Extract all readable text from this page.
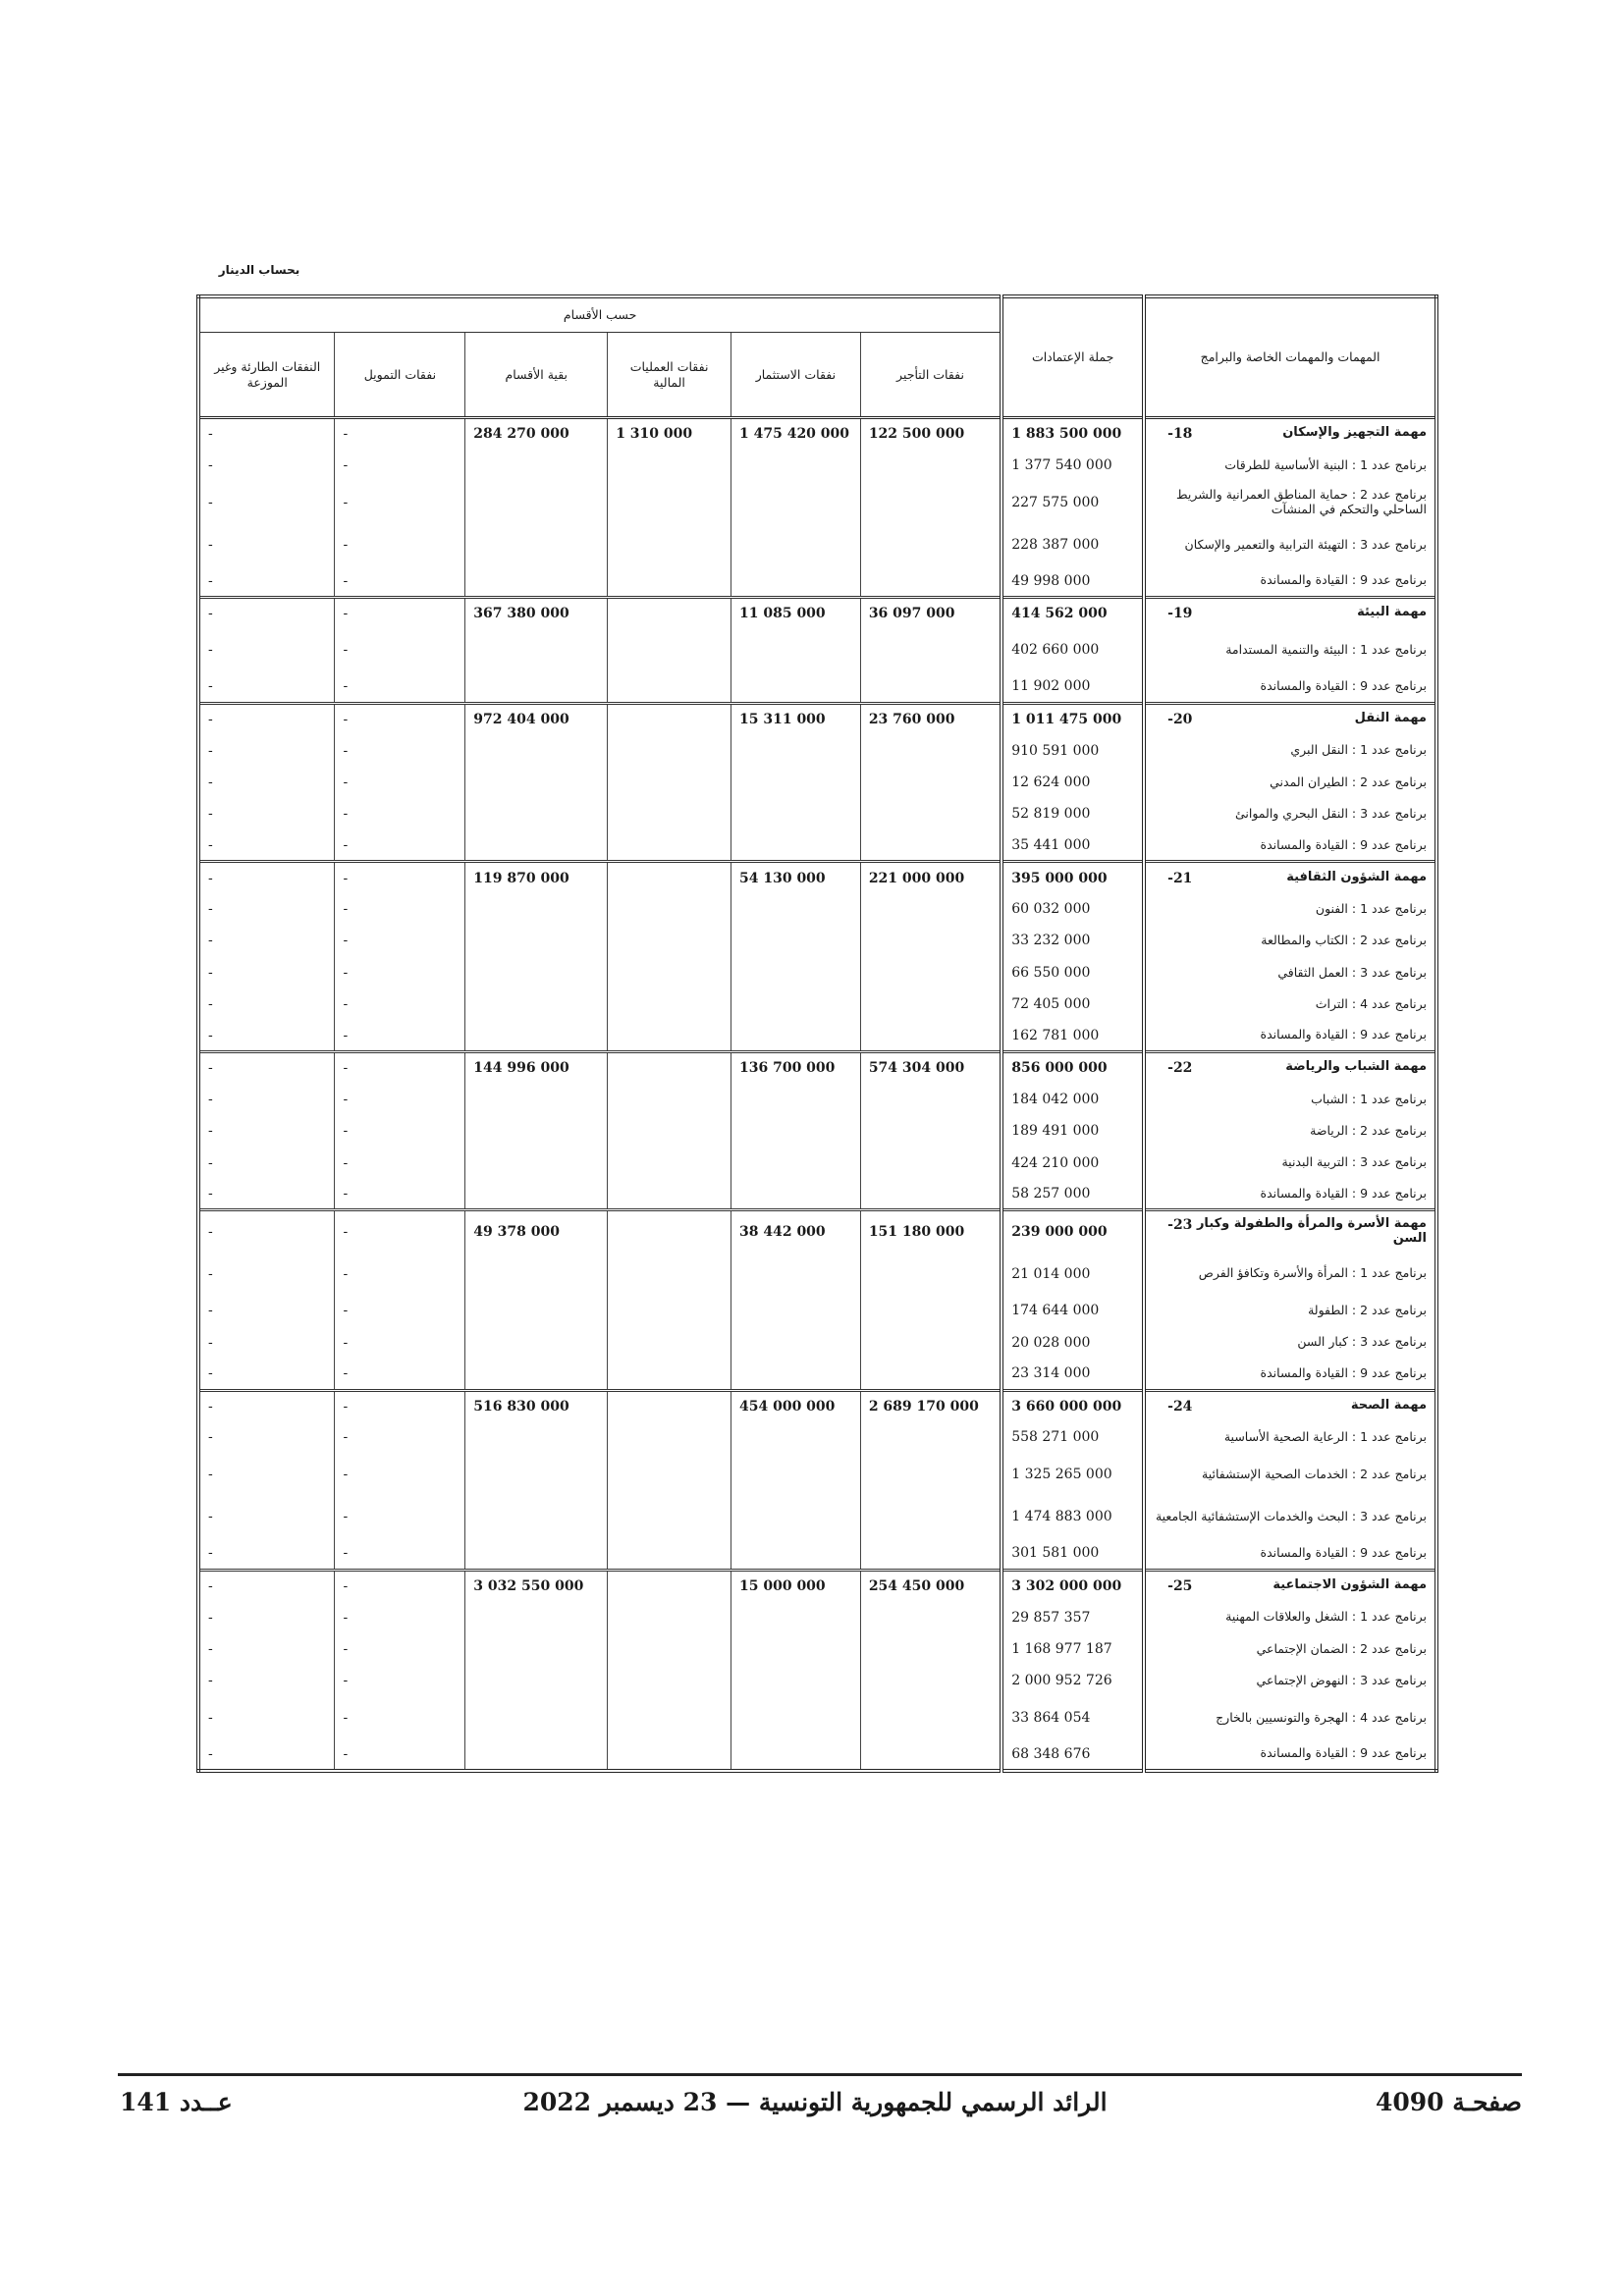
بحساب الدينار
المهمات والمهمات الخاصة والبرامج	جملة الإعتمادات	حسب الأقسام					
		نفقات التأجير	نفقات الاستثمار	نفقات العمليات المالية	بقية الأقسام	نفقات التمويل	النفقات الطارئة وغير الموزعة

18- مهمة التجهيز والإسكان	1 883 500 000	122 500 000	1 475 420 000	1 310 000	284 270 000	-	-
برنامج عدد 1 : البنية الأساسية للطرقات	1 377 540 000					-	-
برنامج عدد 2 : حماية المناطق العمرانية والشريط الساحلي والتحكم في المنشآت	227 575 000					-	-
برنامج عدد 3 : التهيئة الترابية والتعمير والإسكان	228 387 000					-	-
برنامج عدد 9 : القيادة والمساندة	49 998 000					-	-

19- مهمة البيئة	414 562 000	36 097 000	11 085 000		367 380 000	-	-
برنامج عدد 1 : البيئة والتنمية المستدامة	402 660 000					-	-
برنامج عدد 9 : القيادة والمساندة	11 902 000					-	-

20- مهمة النقل	1 011 475 000	23 760 000	15 311 000		972 404 000	-	-
برنامج عدد 1 : النقل البري	910 591 000					-	-
برنامج عدد 2 : الطيران المدني	12 624 000					-	-
برنامج عدد 3 : النقل البحري والموانئ	52 819 000					-	-
برنامج عدد 9 : القيادة والمساندة	35 441 000					-	-

21- مهمة الشؤون الثقافية	395 000 000	221 000 000	54 130 000		119 870 000	-	-
برنامج عدد 1 : الفنون	60 032 000					-	-
برنامج عدد 2 : الكتاب والمطالعة	33 232 000					-	-
برنامج عدد 3 : العمل الثقافي	66 550 000					-	-
برنامج عدد 4 : التراث	72 405 000					-	-
برنامج عدد 9 : القيادة والمساندة	162 781 000					-	-

22- مهمة الشباب والرياضة	856 000 000	574 304 000	136 700 000		144 996 000	-	-
برنامج عدد 1 : الشباب	184 042 000					-	-
برنامج عدد 2 : الرياضة	189 491 000					-	-
برنامج عدد 3 : التربية البدنية	424 210 000					-	-
برنامج عدد 9 : القيادة والمساندة	58 257 000					-	-

23- مهمة الأسرة والمرأة والطفولة وكبار السن	239 000 000	151 180 000	38 442 000		49 378 000	-	-
برنامج عدد 1 : المرأة والأسرة وتكافؤ الفرص	21 014 000					-	-
برنامج عدد 2 : الطفولة	174 644 000					-	-
برنامج عدد 3 : كبار السن	20 028 000					-	-
برنامج عدد 9 : القيادة والمساندة	23 314 000					-	-

24- مهمة الصحة	3 660 000 000	2 689 170 000	454 000 000		516 830 000	-	-
برنامج عدد 1 : الرعاية الصحية الأساسية	558 271 000					-	-
برنامج عدد 2 : الخدمات الصحية الإستشفائية	1 325 265 000					-	-
برنامج عدد 3 : البحث والخدمات الإستشفائية الجامعية	1 474 883 000					-	-
برنامج عدد 9 : القيادة والمساندة	301 581 000					-	-

25- مهمة الشؤون الاجتماعية	3 302 000 000	254 450 000	15 000 000		3 032 550 000	-	-
برنامج عدد 1 : الشغل والعلاقات المهنية	29 857 357					-	-
برنامج عدد 2 : الضمان الإجتماعي	1 168 977 187					-	-
برنامج عدد 3 : النهوض الإجتماعي	2 000 952 726					-	-
برنامج عدد 4 : الهجرة والتونسيين بالخارج	33 864 054					-	-
برنامج عدد 9 : القيادة والمساندة	68 348 676					-	-
صفحـة 4090
الرائد الرسمي للجمهورية التونسية — 23 ديسمبر 2022
عــدد 141
